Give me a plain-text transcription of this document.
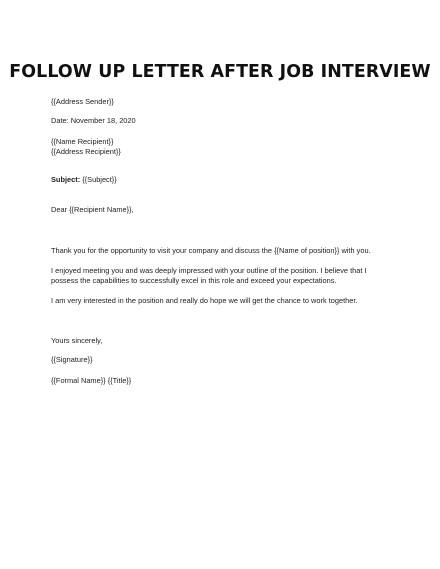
FOLLOW UP LETTER AFTER JOB INTERVIEW
{{Address Sender}}
Date: November 18, 2020
{{Name Recipient}}
{{Address Recipient}}
Subject: {{Subject}}
Dear {{Recipient Name}},
Thank you for the opportunity to visit your company and discuss the {{Name of position}} with you.
I enjoyed meeting you and was deeply impressed with your outline of the position. I believe that I
possess the capabilities to successfully excel in this role and exceed your expectations.
I am very interested in the position and really do hope we will get the chance to work together.
Yours sincerely,
{{Signature}}
{{Formal Name}} {{Title}}
